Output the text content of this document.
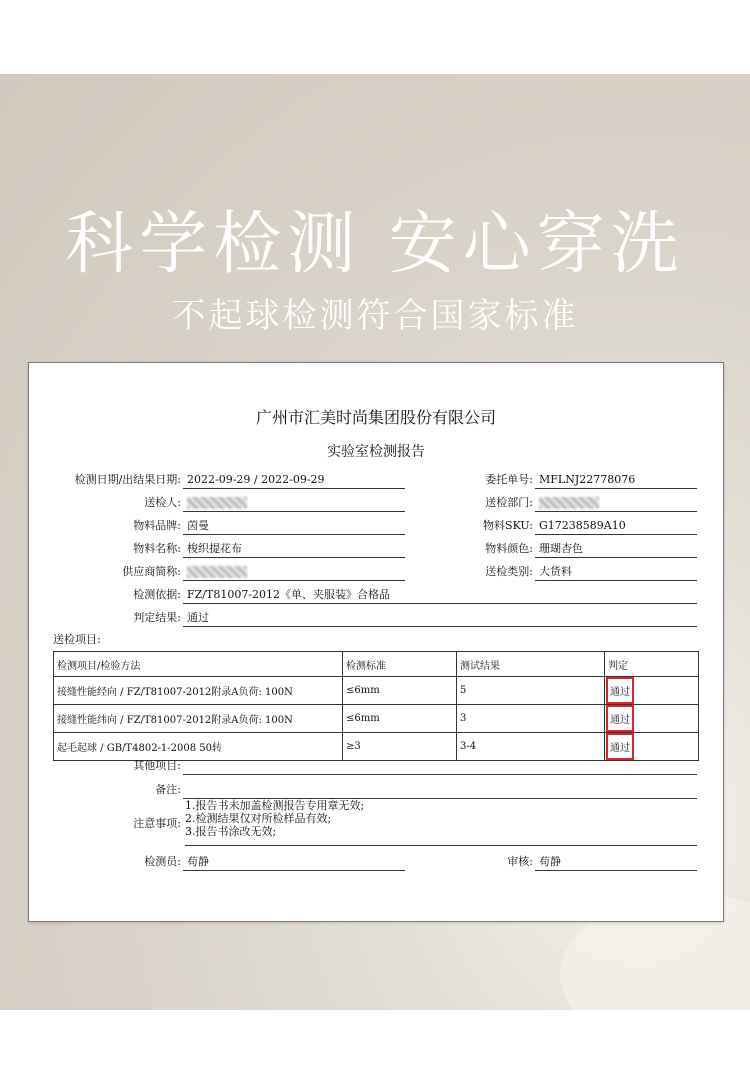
科学检测 安心穿洗
不起球检测符合国家标准
广州市汇美时尚集团股份有限公司
实验室检测报告
检测日期/出结果日期: 2022-09-29 / 2022-09-29	委托单号: MFLNJ22778076
送检人:	送检部门:
物料品牌: 茵曼	物料SKU: G17238589A10
物料名称: 梭织提花布	物料颜色: 珊瑚杏色
供应商简称:	送检类别: 大货料
检测依据: FZ/T81007-2012《单、夹服装》合格品
判定结果: 通过
送检项目:
检测项目/检验方法	检测标准	测试结果	判定
接缝性能经向 / FZ/T81007-2012附录A负荷: 100N	≤6mm	5	通过
接缝性能纬向 / FZ/T81007-2012附录A负荷: 100N	≤6mm	3	通过
起毛起球 / GB/T4802-1-2008 50转	≥3	3-4	通过
其他项目:
备注:
注意事项:
1.报告书未加盖检测报告专用章无效;
2.检测结果仅对所检样品有效;
3.报告书涂改无效;
检测员: 苟静	审核: 苟静
